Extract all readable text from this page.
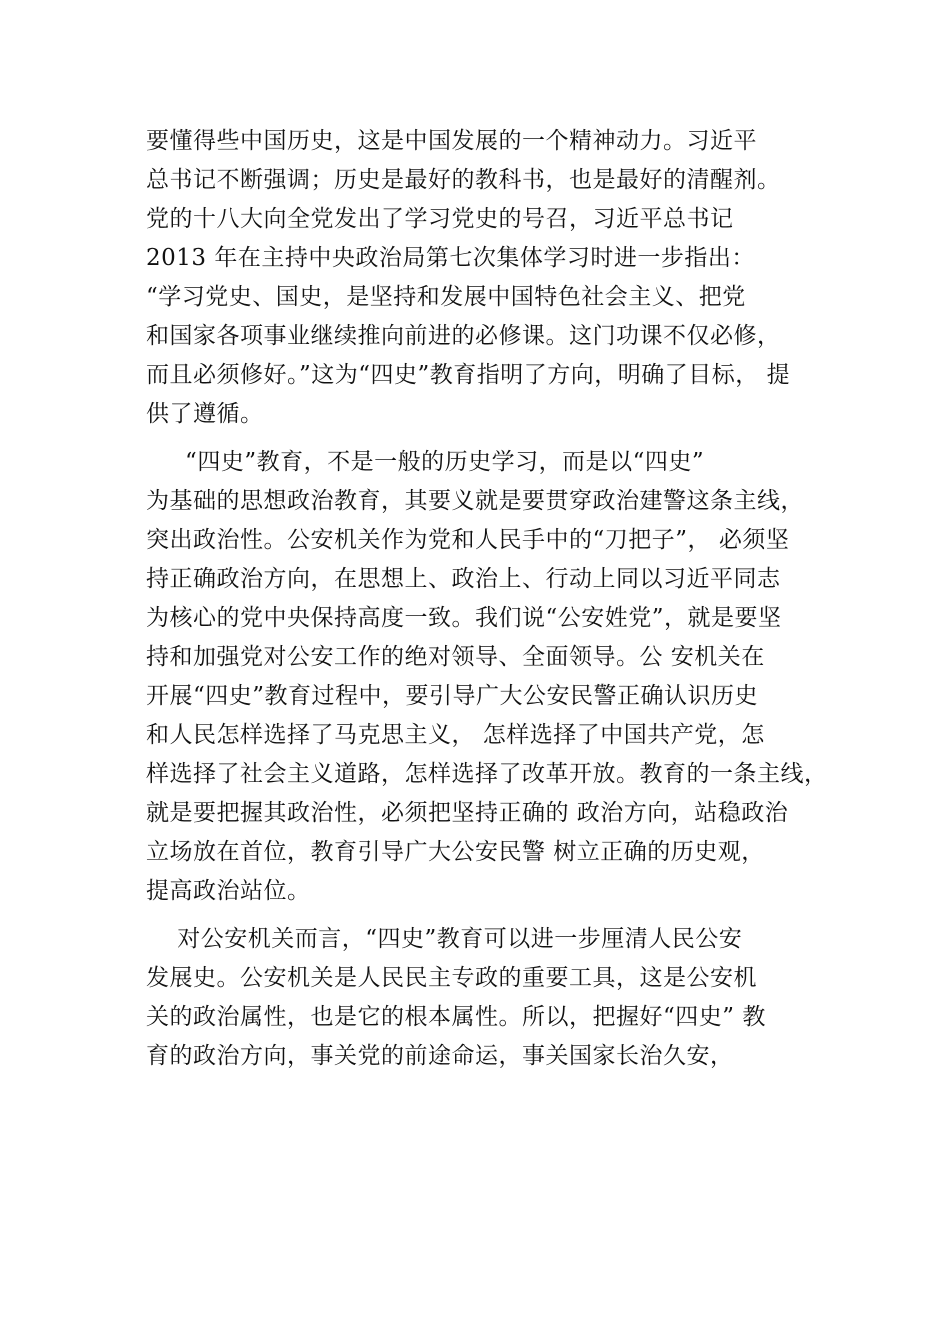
要懂得些中国历史，这是中国发展的一个精神动力。习近平
总书记不断强调；历史是最好的教科书，也是最好的清醒剂。
党的十八大向全党发出了学习党史的号召，习近平总书记
2013 年在主持中央政治局第七次集体学习时进一步指出：
“学习党史、国史，是坚持和发展中国特色社会主义、把党
和国家各项事业继续推向前进的必修课。这门功课不仅必修，
而且必须修好。”这为“四史”教育指明了方向，明确了目标， 提
供了遵循。
“四史”教育，不是一般的历史学习，而是以“四史”
为基础的思想政治教育，其要义就是要贯穿政治建警这条主线，
突出政治性。公安机关作为党和人民手中的“刀把子”， 必须坚
持正确政治方向，在思想上、政治上、行动上同以习近平同志
为核心的党中央保持高度一致。我们说“公安姓党”，就是要坚
持和加强党对公安工作的绝对领导、全面领导。公 安机关在
开展“四史”教育过程中，要引导广大公安民警正确认识历史
和人民怎样选择了马克思主义， 怎样选择了中国共产党，怎
样选择了社会主义道路，怎样选择了改革开放。教育的一条主线，
就是要把握其政治性，必须把坚持正确的 政治方向，站稳政治
立场放在首位，教育引导广大公安民警 树立正确的历史观，
提高政治站位。
对公安机关而言，“四史”教育可以进一步厘清人民公安
发展史。公安机关是人民民主专政的重要工具，这是公安机
关的政治属性，也是它的根本属性。所以，把握好“四史” 教
育的政治方向，事关党的前途命运，事关国家长治久安，
